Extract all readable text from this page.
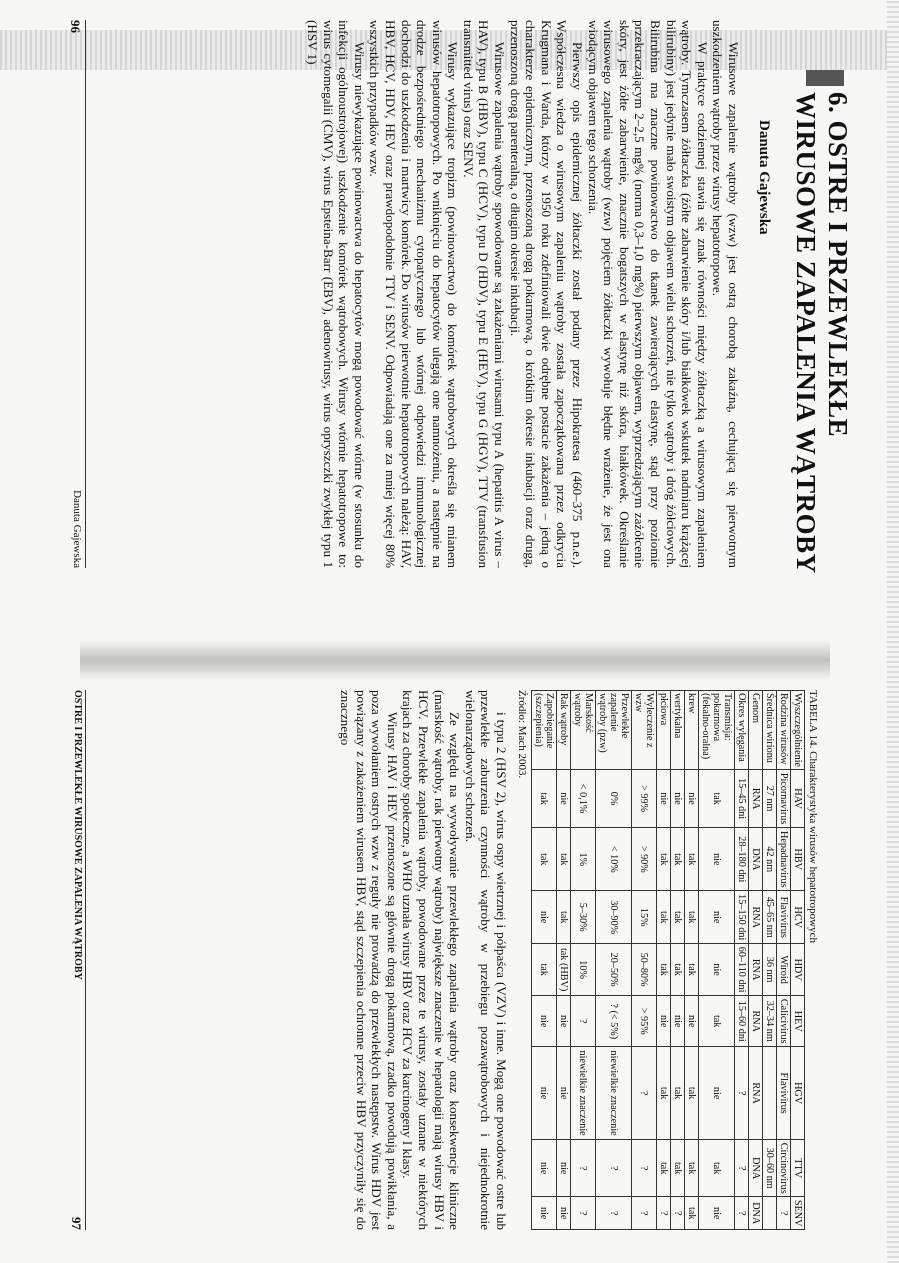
6. OSTRE I PRZEWLEKŁE WIRUSOWE ZAPALENIA WĄTROBY
Danuta Gajewska

Wirusowe zapalenie wątroby (wzw) jest ostrą chorobą zakaźną, cechującą się pierwotnym uszkodzeniem wątroby przez wirusy hepatotropowe.

W praktyce codziennej stawia się znak równości między żółtaczką a wirusowym zapaleniem wątroby. Tymczasem żółtaczka (żółte zabarwienie skóry i/lub białkówek wskutek nadmiaru krążącej bilirubiny) jest jedynie mało swoistym objawem wielu schorzeń, nie tylko wątroby i dróg żółciowych. Bilirubina ma znaczne powinowactwo do tkanek zawierających elastynę, stąd przy poziomie przekraczającym 2–2,5 mg% (norma 0,3–1,0 mg%) pierwszym objawem, wyprzedzającym zażółcenie skóry, jest żółte zabarwienie, znacznie bogatszych w elastynę niż skóra, białkówek. Określanie wirusowego zapalenia wątroby (wzw) pojęciem żółtaczki wywołuje błędne wrażenie, że jest ona wiodącym objawem tego schorzenia.

Pierwszy opis epidemicznej żółtaczki został podany przez Hipokratesa (460–375 p.n.e.). Współczesna wiedza o wirusowym zapaleniu wątroby została zapoczątkowana przez odkrycia Krugmana i Warda, którzy w 1950 roku zdefiniowali dwie odrębne postacie zakażenia – jedną o charakterze epidemicznym, przenoszoną drogą pokarmową, o krótkim okresie inkubacji oraz drugą, przenoszoną drogą parenteralną, o długim okresie inkubacji.

Wirusowe zapalenia wątroby spowodowane są zakażeniami wirusami typu A (hepatitis A virus – HAV), typu B (HBV), typu C (HCV), typu D (HDV), typu E (HEV), typu G (HGV), TTV (transfusion transmitted virus) oraz SENV.

Wirusy wykazujące tropizm (powinowactwo) do komórek wątrobowych określa się mianem wirusów hepatotropowych. Po wniknięciu do hepatocytów ulegają one namnożeniu, a następnie na drodze bezpośredniego mechanizmu cytopatycznego lub wtórnej odpowiedzi immunologicznej dochodzi do uszkodzenia i martwicy komórek. Do wirusów pierwotnie hepatotropowych należą: HAV, HBV, HCV, HDV, HEV oraz prawdopodobnie TTV i SENV. Odpowiadają one za mniej więcej 80% wszystkich przypadków wzw.

Wirusy niewykazujące powinowactwa do hepatocytów mogą powodować wtórne (w stosunku do infekcji ogólnoustrojowej) uszkodzenie komórek wątrobowych. Wirusy wtórnie hepatotropowe to: wirus cytomegalii (CMV), wirus Epsteina-Barr (EBV), adenowirusy, wirus opryszczki zwykłej typu 1 (HSV 1)

96
Danuta Gajewska
TABELA 14. Charakterystyka wirusów hepatotropowych
Wyszczególnienie	HAV	HBV	HCV	HDV	HEV	HGV	TTV	SENV
Rodzina wirusów	Picornavirus	Hepadnavirus	Flavivirus	Wiroid	Calicivirus	Flavivirus	Circinovirus	?
Średnica wirionu	27 nm	42 nm	45–65 nm	36 nm	32–34 nm		30–60 nm	
Genom	RNA	DNA	RNA	RNA	RNA	RNA	DNA	DNA
Okres wylęgania	15–45 dni	28–180 dni	15–150 dni	60–110 dni	15–60 dni	?	?	?
Transmisja: pokarmowa (fekalno-oralna)	tak	nie	nie	nie	tak	nie	tak	nie
krew	nie	tak	tak	tak	nie	tak	tak	tak
wertykalna	nie	tak	tak	tak	nie	tak	tak	?
płciowa	nie	tak	tak	tak	nie	tak	tak	?
Wyleczenie z wzw	> 99%	> 90%	15%	50–80%	> 95%	?	?	?
Przewlekłe zapalenie wątroby (pzw)	0%	< 10%	30–90%	20–50%	? (< 5%)	niewielkie znaczenie	?	?
Marskość wątroby	< 0,1%	1%	5–30%	10%	?	niewielkie znaczenie	?	?
Rak wątroby	nie	tak	tak	tak (HBV)	nie	nie	nie	nie
Zapobieganie (szczepienia)	tak	tak	nie	tak	nie	nie	nie	nie
Źródło: Mach 2003.

i typu 2 (HSV 2), wirus ospy wietrznej i półpaśca (VZV) i inne. Mogą one powodować ostre lub przewlekłe zaburzenia czynności wątroby w przebiegu pozawątrobowych i niejednokrotnie wielonarządowych schorzeń.

Ze względu na wywoływanie przewlekłego zapalenia wątroby oraz konsekwencje kliniczne (marskość wątroby, rak pierwotny wątroby) największe znaczenie w hepatologii mają wirusy HBV i HCV. Przewlekłe zapalenia wątroby, powodowane przez te wirusy, zostały uznane w niektórych krajach za choroby społeczne, a WHO uznała wirusy HBV oraz HCV za karcinogeny I klasy.

Wirusy HAV i HEV przenoszone są głównie drogą pokarmową, rzadko powodują powikłania, a poza wywołaniem ostrych wzw z reguły nie prowadzą do przewlekłych następstw. Wirus HDV jest powiązany z zakażeniem wirusem HBV, stąd szczepienia ochronne przeciw HBV przyczyniły się do znacznego

OSTRE I PRZEWLEKŁE WIRUSOWE ZAPALENIA WĄTROBY
97
